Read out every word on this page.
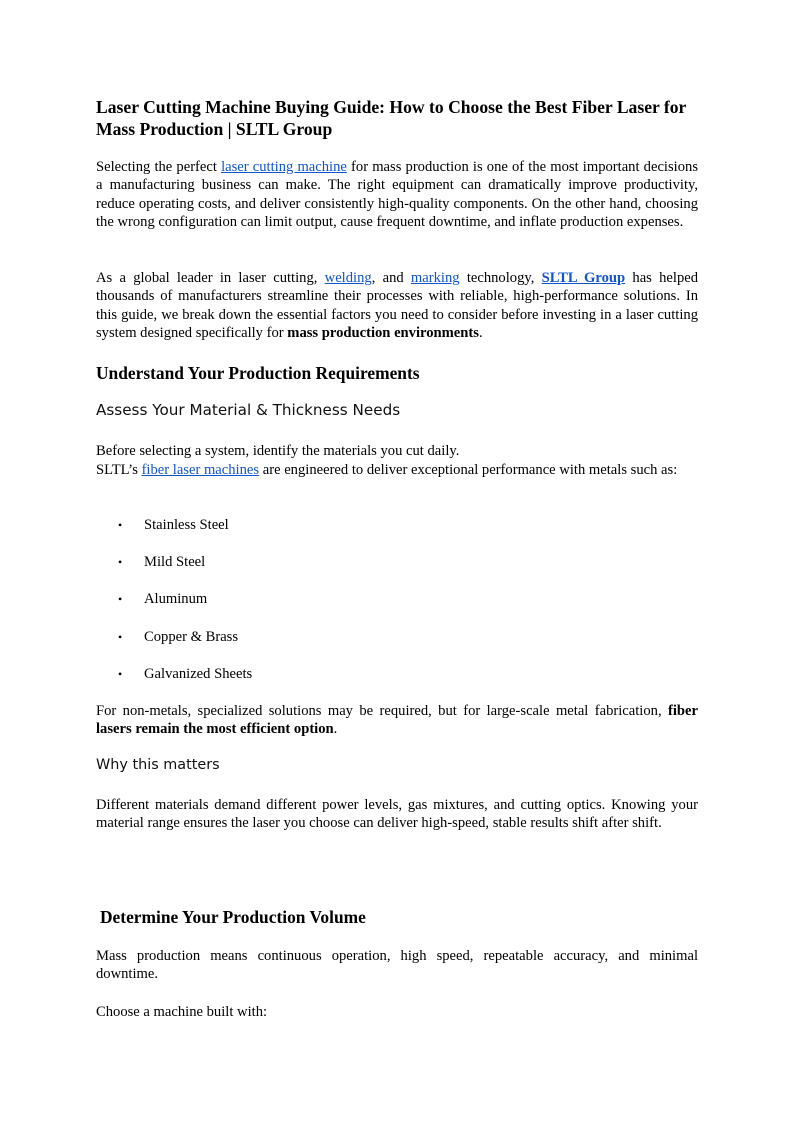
Laser Cutting Machine Buying Guide: How to Choose the Best Fiber Laser for Mass Production | SLTL Group

Selecting the perfect laser cutting machine for mass production is one of the most important decisions a manufacturing business can make. The right equipment can dramatically improve productivity, reduce operating costs, and deliver consistently high-quality components. On the other hand, choosing the wrong configuration can limit output, cause frequent downtime, and inflate production expenses.

As a global leader in laser cutting, welding, and marking technology, SLTL Group has helped thousands of manufacturers streamline their processes with reliable, high-performance solutions. In this guide, we break down the essential factors you need to consider before investing in a laser cutting system designed specifically for mass production environments.

Understand Your Production Requirements
Assess Your Material & Thickness Needs

Before selecting a system, identify the materials you cut daily.

SLTL’s fiber laser machines are engineered to deliver exceptional performance with metals such as:

• Stainless Steel
• Mild Steel
• Aluminum
• Copper & Brass
• Galvanized Sheets

For non-metals, specialized solutions may be required, but for large-scale metal fabrication, fiber lasers remain the most efficient option.

Why this matters

Different materials demand different power levels, gas mixtures, and cutting optics. Knowing your material range ensures the laser you choose can deliver high-speed, stable results shift after shift.

Determine Your Production Volume

Mass production means continuous operation, high speed, repeatable accuracy, and minimal downtime.

Choose a machine built with:
